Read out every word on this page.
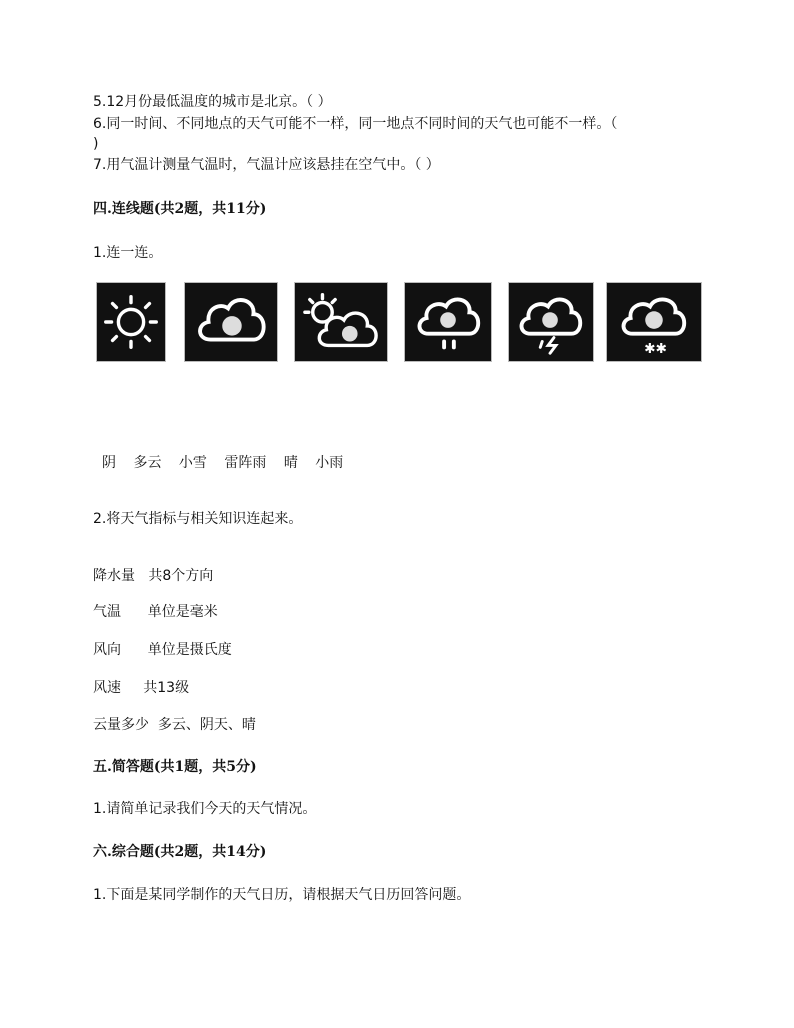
5.12月份最低温度的城市是北京。（ ）
6.同一时间、不同地点的天气可能不一样，同一地点不同时间的天气也可能不一样。（
)
7.用气温计测量气温时，气温计应该悬挂在空气中。（ ）
四.连线题(共2题，共11分)
1.连一连。
✱✱
阴 多云 小雪 雷阵雨 晴 小雨
2.将天气指标与相关知识连起来。
降水量 共8个方向
气温 单位是毫米
风向 单位是摄氏度
风速 共13级
云量多少 多云、阴天、晴
五.简答题(共1题，共5分)
1.请简单记录我们今天的天气情况。
六.综合题(共2题，共14分)
1.下面是某同学制作的天气日历，请根据天气日历回答问题。
